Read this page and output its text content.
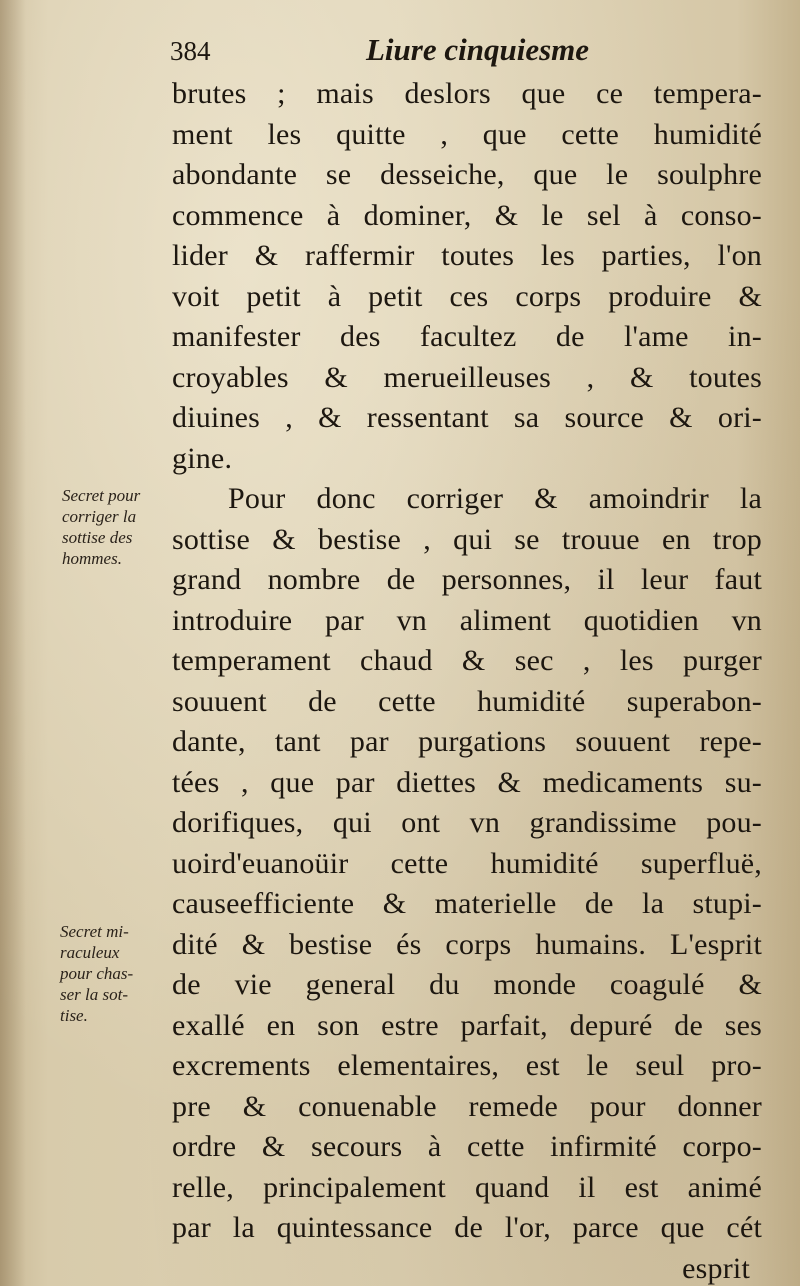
384	Liure cinquiesme
brutes ; mais deslors que ce tempera-
ment les quitte , que cette humidité
abondante se desseiche, que le soulphre
commence à dominer, & le sel à conso-
lider & raffermir toutes les parties, l'on
voit petit à petit ces corps produire &
manifester des facultez de l'ame in-
croyables & merueilleuses , & toutes
diuines , & ressentant sa source & ori-
gine.
Pour donc corriger & amoindrir la
sottise & bestise , qui se trouue en trop
grand nombre de personnes, il leur faut
introduire par vn aliment quotidien vn
temperament chaud & sec , les purger
souuent de cette humidité superabon-
dante, tant par purgations souuent repe-
tées , que par diettes & medicaments su-
dorifiques, qui ont vn grandissime pou-
uoird'euanoüir cette humidité superfluë,
causeefficiente & materielle de la stupi-
dité & bestise és corps humains. L'esprit
de vie general du monde coagulé &
exallé en son estre parfait, depuré de ses
excrements elementaires, est le seul pro-
pre & conuenable remede pour donner
ordre & secours à cette infirmité corpo-
relle, principalement quand il est animé
par la quintessance de l'or, parce que cét
esprit
Secret pour
corriger la
sottise des
hommes.
Secret mi-
raculeux
pour chas-
ser la sot-
tise.
